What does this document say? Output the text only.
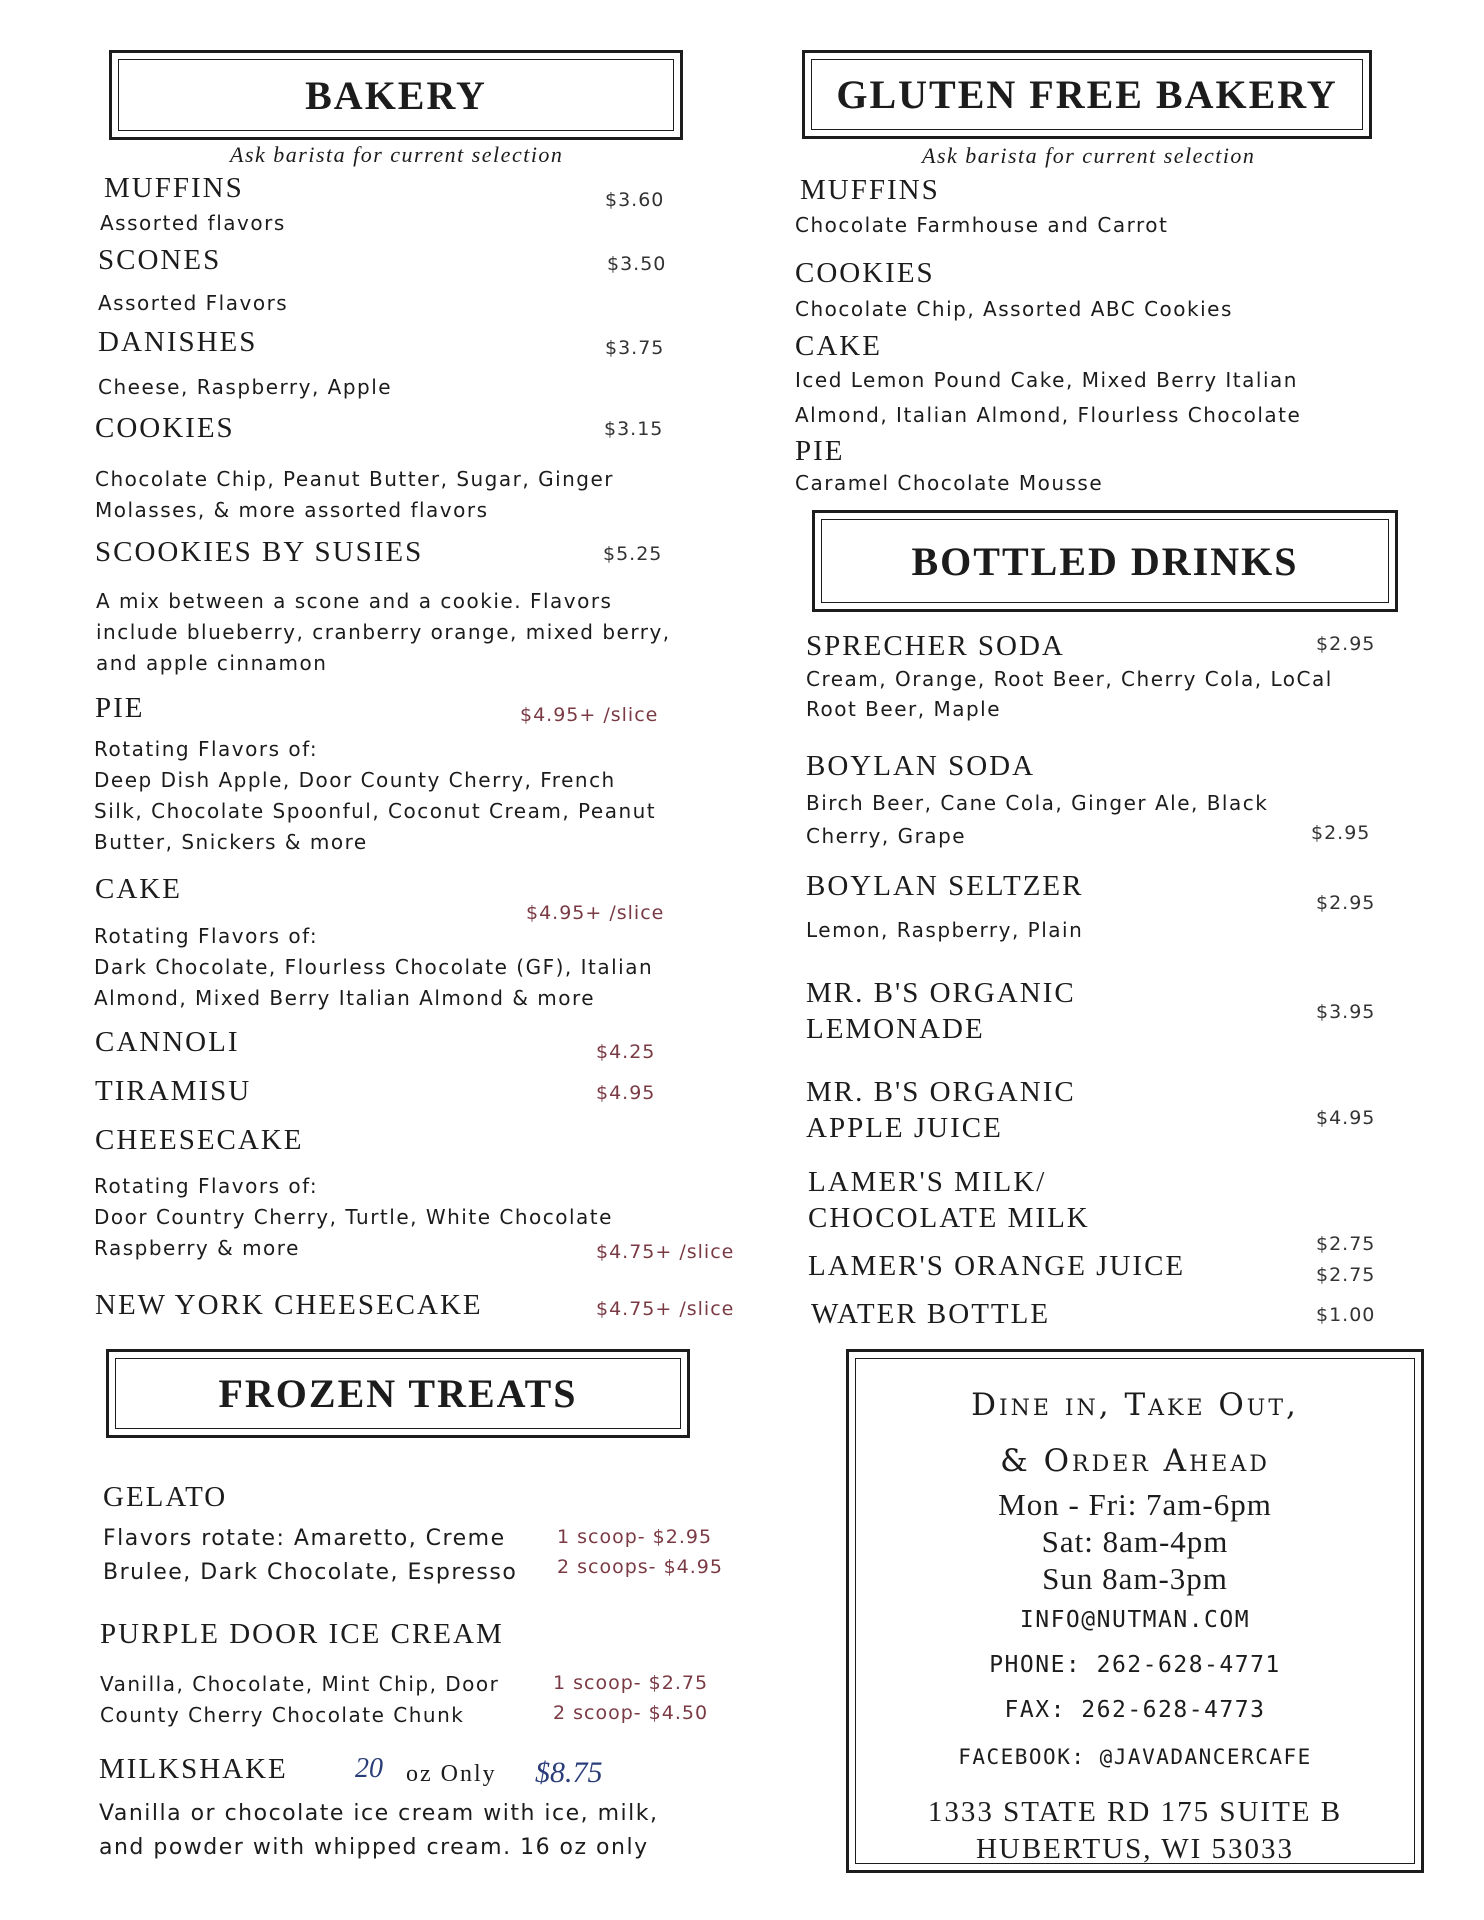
BAKERY
Ask barista for current selection
MUFFINS	$3.60
Assorted flavors
SCONES	$3.50
Assorted Flavors
DANISHES	$3.75
Cheese, Raspberry, Apple
COOKIES	$3.15
Chocolate Chip, Peanut Butter, Sugar, Ginger
Molasses, & more assorted flavors
SCOOKIES BY SUSIES	$5.25
A mix between a scone and a cookie. Flavors
include blueberry, cranberry orange, mixed berry,
and apple cinnamon
PIE	$4.95+ /slice
Rotating Flavors of:
Deep Dish Apple, Door County Cherry, French
Silk, Chocolate Spoonful, Coconut Cream, Peanut
Butter, Snickers & more
CAKE
$4.95+ /slice
Rotating Flavors of:
Dark Chocolate, Flourless Chocolate (GF), Italian
Almond, Mixed Berry Italian Almond & more
CANNOLI	$4.25
TIRAMISU	$4.95
CHEESECAKE
Rotating Flavors of:
Door Country Cherry, Turtle, White Chocolate
Raspberry & more	$4.75+ /slice
NEW YORK CHEESECAKE	$4.75+ /slice
FROZEN TREATS
GELATO
Flavors rotate: Amaretto, Creme
Brulee, Dark Chocolate, Espresso
1 scoop- $2.95
2 scoops- $4.95
PURPLE DOOR ICE CREAM
Vanilla, Chocolate, Mint Chip, Door
County Cherry Chocolate Chunk
1 scoop- $2.75
2 scoop- $4.50
MILKSHAKE 20 oz Only $8.75
Vanilla or chocolate ice cream with ice, milk,
and powder with whipped cream. 16 oz only
GLUTEN FREE BAKERY
Ask barista for current selection
MUFFINS
Chocolate Farmhouse and Carrot
COOKIES
Chocolate Chip, Assorted ABC Cookies
CAKE
Iced Lemon Pound Cake, Mixed Berry Italian
Almond, Italian Almond, Flourless Chocolate
PIE
Caramel Chocolate Mousse
BOTTLED DRINKS
SPRECHER SODA	$2.95
Cream, Orange, Root Beer, Cherry Cola, LoCal
Root Beer, Maple
BOYLAN SODA
Birch Beer, Cane Cola, Ginger Ale, Black
Cherry, Grape	$2.95
BOYLAN SELTZER
$2.95
Lemon, Raspberry, Plain
MR. B'S ORGANIC
LEMONADE
$3.95
MR. B'S ORGANIC
APPLE JUICE	$4.95
LAMER'S MILK/
CHOCOLATE MILK
$2.75
LAMER'S ORANGE JUICE	$2.75
WATER BOTTLE	$1.00
Dine in, Take Out,
& Order Ahead
Mon - Fri: 7am-6pm
Sat: 8am-4pm
Sun 8am-3pm
INFO@NUTMAN.COM
PHONE: 262-628-4771
FAX: 262-628-4773
FACEBOOK: @JAVADANCERCAFE
1333 STATE RD 175 SUITE B
HUBERTUS, WI 53033
